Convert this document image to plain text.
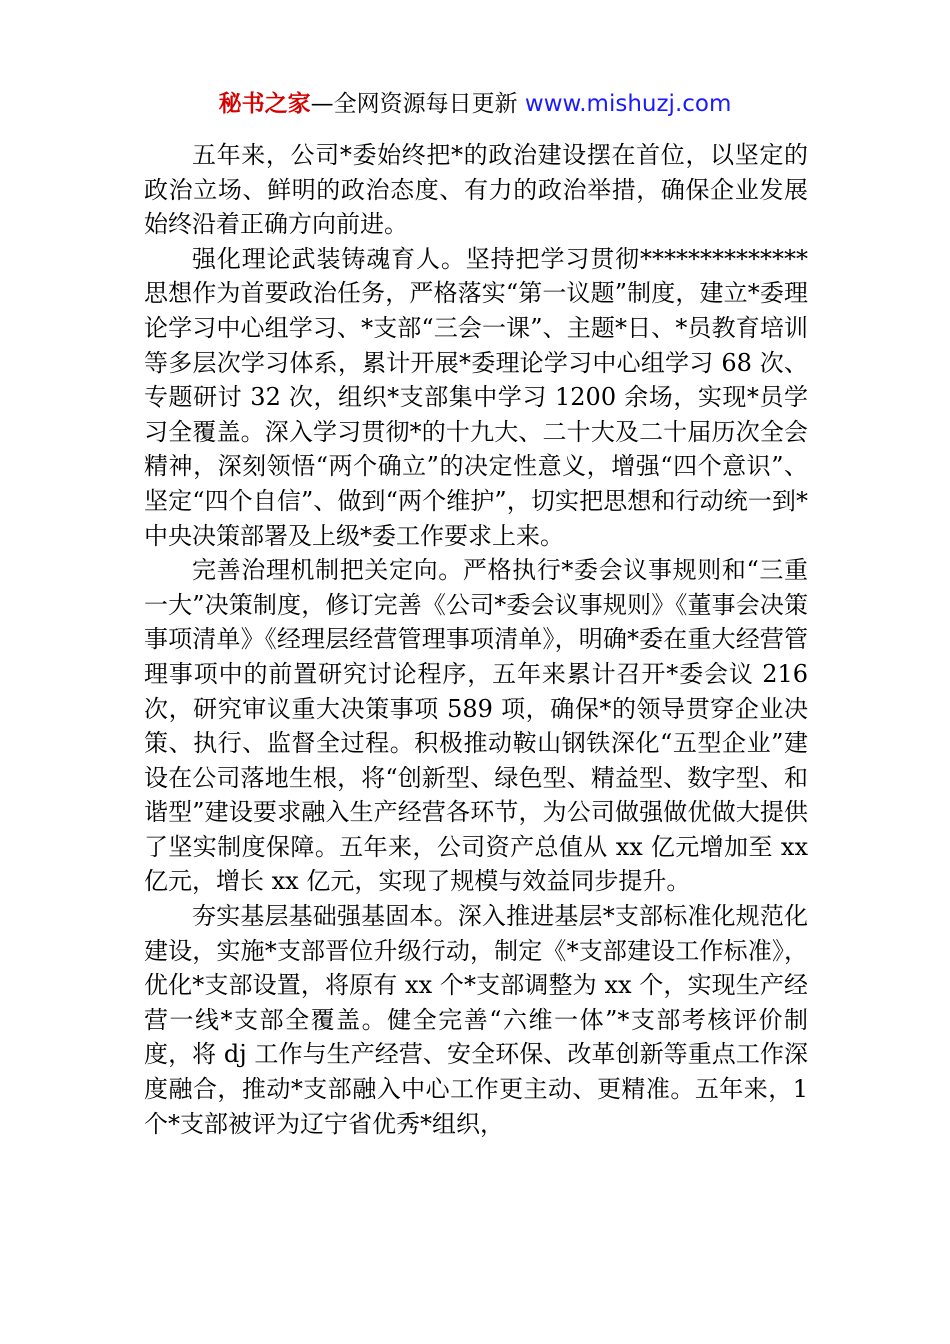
秘书之家—全网资源每日更新 www.mishuzj.com

五年来，公司*委始终把*的政治建设摆在首位，以坚定的政治立场、鲜明的政治态度、有力的政治举措，确保企业发展始终沿着正确方向前进。

强化理论武装铸魂育人。坚持把学习贯彻**************思想作为首要政治任务，严格落实“第一议题”制度，建立*委理论学习中心组学习、*支部“三会一课”、主题*日、*员教育培训等多层次学习体系，累计开展*委理论学习中心组学习 68 次、专题研讨 32 次，组织*支部集中学习 1200 余场，实现*员学习全覆盖。深入学习贯彻*的十九大、二十大及二十届历次全会精神，深刻领悟“两个确立”的决定性意义，增强“四个意识”、坚定“四个自信”、做到“两个维护”，切实把思想和行动统一到*中央决策部署及上级*委工作要求上来。

完善治理机制把关定向。严格执行*委会议事规则和“三重一大”决策制度，修订完善《公司*委会议事规则》《董事会决策事项清单》《经理层经营管理事项清单》，明确*委在重大经营管理事项中的前置研究讨论程序，五年来累计召开*委会议 216 次，研究审议重大决策事项 589 项，确保*的领导贯穿企业决策、执行、监督全过程。积极推动鞍山钢铁深化“五型企业”建设在公司落地生根，将“创新型、绿色型、精益型、数字型、和谐型”建设要求融入生产经营各环节，为公司做强做优做大提供了坚实制度保障。五年来，公司资产总值从 xx 亿元增加至 xx 亿元，增长 xx 亿元，实现了规模与效益同步提升。

夯实基层基础强基固本。深入推进基层*支部标准化规范化建设，实施*支部晋位升级行动，制定《*支部建设工作标准》，优化*支部设置，将原有 xx 个*支部调整为 xx 个，实现生产经营一线*支部全覆盖。健全完善“六维一体”*支部考核评价制度，将 dj 工作与生产经营、安全环保、改革创新等重点工作深度融合，推动*支部融入中心工作更主动、更精准。五年来，1 个*支部被评为辽宁省优秀*组织，
